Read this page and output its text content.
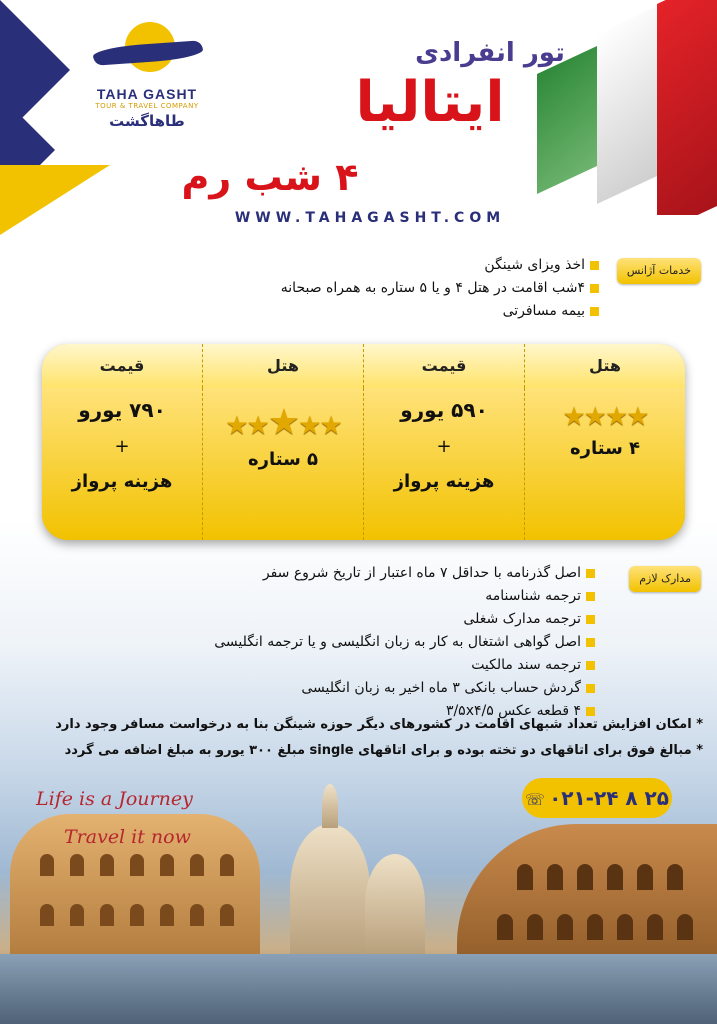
TAHA GASHT
TOUR & TRAVEL COMPANY
طاهاگشت
تور انفرادی
ایتالیا
۴ شب رم
WWW.TAHAGASHT.COM
خدمات آژانس
اخذ ویزای شینگن
۴شب اقامت در هتل ۴ و یا ۵ ستاره به همراه صبحانه
بیمه مسافرتی
هتل
قیمت
هتل
قیمت
★★★★
۴ ستاره
۵۹۰ یورو
+
هزینه پرواز
★★★★★
۵ ستاره
۷۹۰ یورو
+
هزینه پرواز
مدارک لازم
اصل گذرنامه با حداقل ۷ ماه اعتبار از تاریخ شروع سفر
ترجمه شناسنامه
ترجمه مدارک شغلی
اصل گواهی اشتغال به کار به زبان انگلیسی و یا ترجمه انگلیسی
ترجمه سند مالکیت
گردش حساب بانکی ۳ ماه اخیر به زبان انگلیسی
۴ قطعه عکس ۳/۵x۴/۵
* امکان افزایش تعداد شبهای اقامت در کشورهای دیگر حوزه شینگن بنا به درخواست مسافر وجود دارد
* مبالغ فوق برای اتاقهای دو تخته بوده و برای اتاقهای single مبلغ ۳۰۰ یورو به مبلغ اضافه می گردد
Life is a Journey
Travel it now
☏ ۰۲۱-۲۴ ۸ ۲۵
